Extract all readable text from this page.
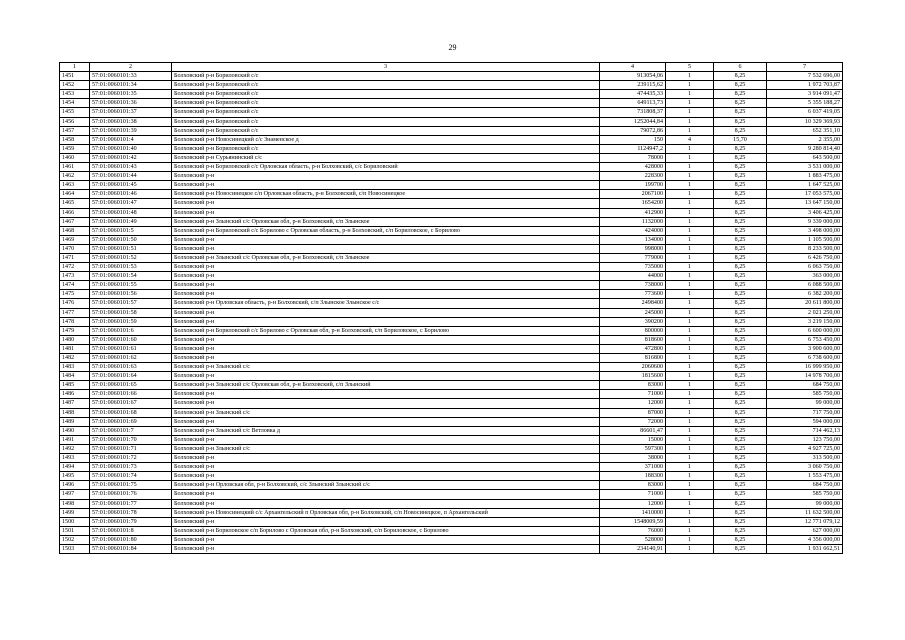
29
1	2	3	4	5	6	7
1451	57:01:0060101:33	Болховский р-н Бориловский с/с	913054,06	1	8,25	7 532 696,00
1452	57:01:0060101:34	Болховский р-н Бориловский с/с	239115,62	1	8,25	1 972 703,87
1453	57:01:0060101:35	Болховский р-н Бориловский с/с	474435,33	1	8,25	3 914 091,47
1454	57:01:0060101:36	Болховский р-н Бориловский с/с	649113,73	1	8,25	5 355 188,27
1455	57:01:0060101:37	Болховский р-н Бориловский с/с	731808,37	1	8,25	6 037 419,05
1456	57:01:0060101:38	Болховский р-н Бориловский с/с	1252044,84	1	8,25	10 329 369,93
1457	57:01:0060101:39	Болховский р-н Бориловский с/с	79072,86	1	8,25	652 351,10
1458	57:01:0060101:4	Болховский р-н Новосинецкий с/с Знаменское д	150	4	15,70	2 355,00
1459	57:01:0060101:40	Болховский р-н Бориловский с/с	1124947,2	1	8,25	9 280 814,40
1460	57:01:0060101:42	Болховский р-н Сурьянинский с/с	78000	1	8,25	643 500,00
1461	57:01:0060101:43	Болховский р-н Бориловский с/с Орловская область, р-н Болховский, с/с Бориловский	428000	1	8,25	3 531 000,00
1462	57:01:0060101:44	Болховский р-н	228300	1	8,25	1 883 475,00
1463	57:01:0060101:45	Болховский р-н	199700	1	8,25	1 647 525,00
1464	57:01:0060101:46	Болховский р-н Новосинецкое с/п Орловская область, р-н Болховский, с/п Новосинецкое	2067100	1	8,25	17 053 575,00
1465	57:01:0060101:47	Болховский р-н	1654200	1	8,25	13 647 150,00
1466	57:01:0060101:48	Болховский р-н	412900	1	8,25	3 406 425,00
1467	57:01:0060101:49	Болховский р-н Злынский с/с Орловская обл, р-н Болховский, с/п Злынское	1132000	1	8,25	9 339 000,00
1468	57:01:0060101:5	Болховский р-н Бориловский с/с Борилово с Орловская область, р-н Болховский, с/п Бориловское, с Борилово	424000	1	8,25	3 498 000,00
1469	57:01:0060101:50	Болховский р-н	134000	1	8,25	1 105 500,00
1470	57:01:0060101:51	Болховский р-н	998000	1	8,25	8 233 500,00
1471	57:01:0060101:52	Болховский р-н Злынский с/с Орловская обл, р-н Болховский, с/п Злынское	779000	1	8,25	6 426 750,00
1472	57:01:0060101:53	Болховский р-н	735000	1	8,25	6 063 750,00
1473	57:01:0060101:54	Болховский р-н	44000	1	8,25	363 000,00
1474	57:01:0060101:55	Болховский р-н	738000	1	8,25	6 088 500,00
1475	57:01:0060101:56	Болховский р-н	773600	1	8,25	6 382 200,00
1476	57:01:0060101:57	Болховский р-н Орловская область, р-н Болховский, с/п Злынское Злынское с/с	2498400	1	8,25	20 611 800,00
1477	57:01:0060101:58	Болховский р-н	245000	1	8,25	2 021 250,00
1478	57:01:0060101:59	Болховский р-н	390200	1	8,25	3 219 150,00
1479	57:01:0060101:6	Болховский р-н Бориловский с/с Борилово с Орловская обл, р-н Болховский, с/п Бориловское, с Борилово	800000	1	8,25	6 600 000,00
1480	57:01:0060101:60	Болховский р-н	818600	1	8,25	6 753 450,00
1481	57:01:0060101:61	Болховский р-н	472800	1	8,25	3 900 600,00
1482	57:01:0060101:62	Болховский р-н	816800	1	8,25	6 738 600,00
1483	57:01:0060101:63	Болховский р-н Злынский с/с	2060600	1	8,25	16 999 950,00
1484	57:01:0060101:64	Болховский р-н	1815600	1	8,25	14 978 700,00
1485	57:01:0060101:65	Болховский р-н Злынский с/с Орловская обл, р-н Болховский, с/п Злынский	83000	1	8,25	684 750,00
1486	57:01:0060101:66	Болховский р-н	71000	1	8,25	585 750,00
1487	57:01:0060101:67	Болховский р-н	12000	1	8,25	99 000,00
1488	57:01:0060101:68	Болховский р-н Злынский с/с	87000	1	8,25	717 750,00
1489	57:01:0060101:69	Болховский р-н	72000	1	8,25	594 000,00
1490	57:01:0060101:7	Болховский р-н Злынский с/с Ветловка д	86601,47	1	8,25	714 462,13
1491	57:01:0060101:70	Болховский р-н	15000	1	8,25	123 750,00
1492	57:01:0060101:71	Болховский р-н Злынский с/с	597300	1	8,25	4 927 725,00
1493	57:01:0060101:72	Болховский р-н	38000	1	8,25	313 500,00
1494	57:01:0060101:73	Болховский р-н	371000	1	8,25	3 060 750,00
1495	57:01:0060101:74	Болховский р-н	188300	1	8,25	1 553 475,00
1496	57:01:0060101:75	Болховский р-н Орловская обл, р-н Болховский, с/с Злынский Злынский с/с	83000	1	8,25	684 750,00
1497	57:01:0060101:76	Болховский р-н	71000	1	8,25	585 750,00
1498	57:01:0060101:77	Болховский р-н	12000	1	8,25	99 000,00
1499	57:01:0060101:78	Болховский р-н Новосинецкий с/с Архангельский п Орловская обл, р-н Болховский, с/п Новосинецкое, п Архангельский	1410000	1	8,25	11 632 500,00
1500	57:01:0060101:79	Болховский р-н	1548009,59	1	8,25	12 771 079,12
1501	57:01:0060101:8	Болховский р-н Бориловское с/п Борилово с Орловская обл, р-н Болховский, с/п Бориловское, с Борилово	76000	1	8,25	627 000,00
1502	57:01:0060101:80	Болховский р-н	528000	1	8,25	4 356 000,00
1503	57:01:0060101:84	Болховский р-н	234140,91	1	8,25	1 931 662,51
